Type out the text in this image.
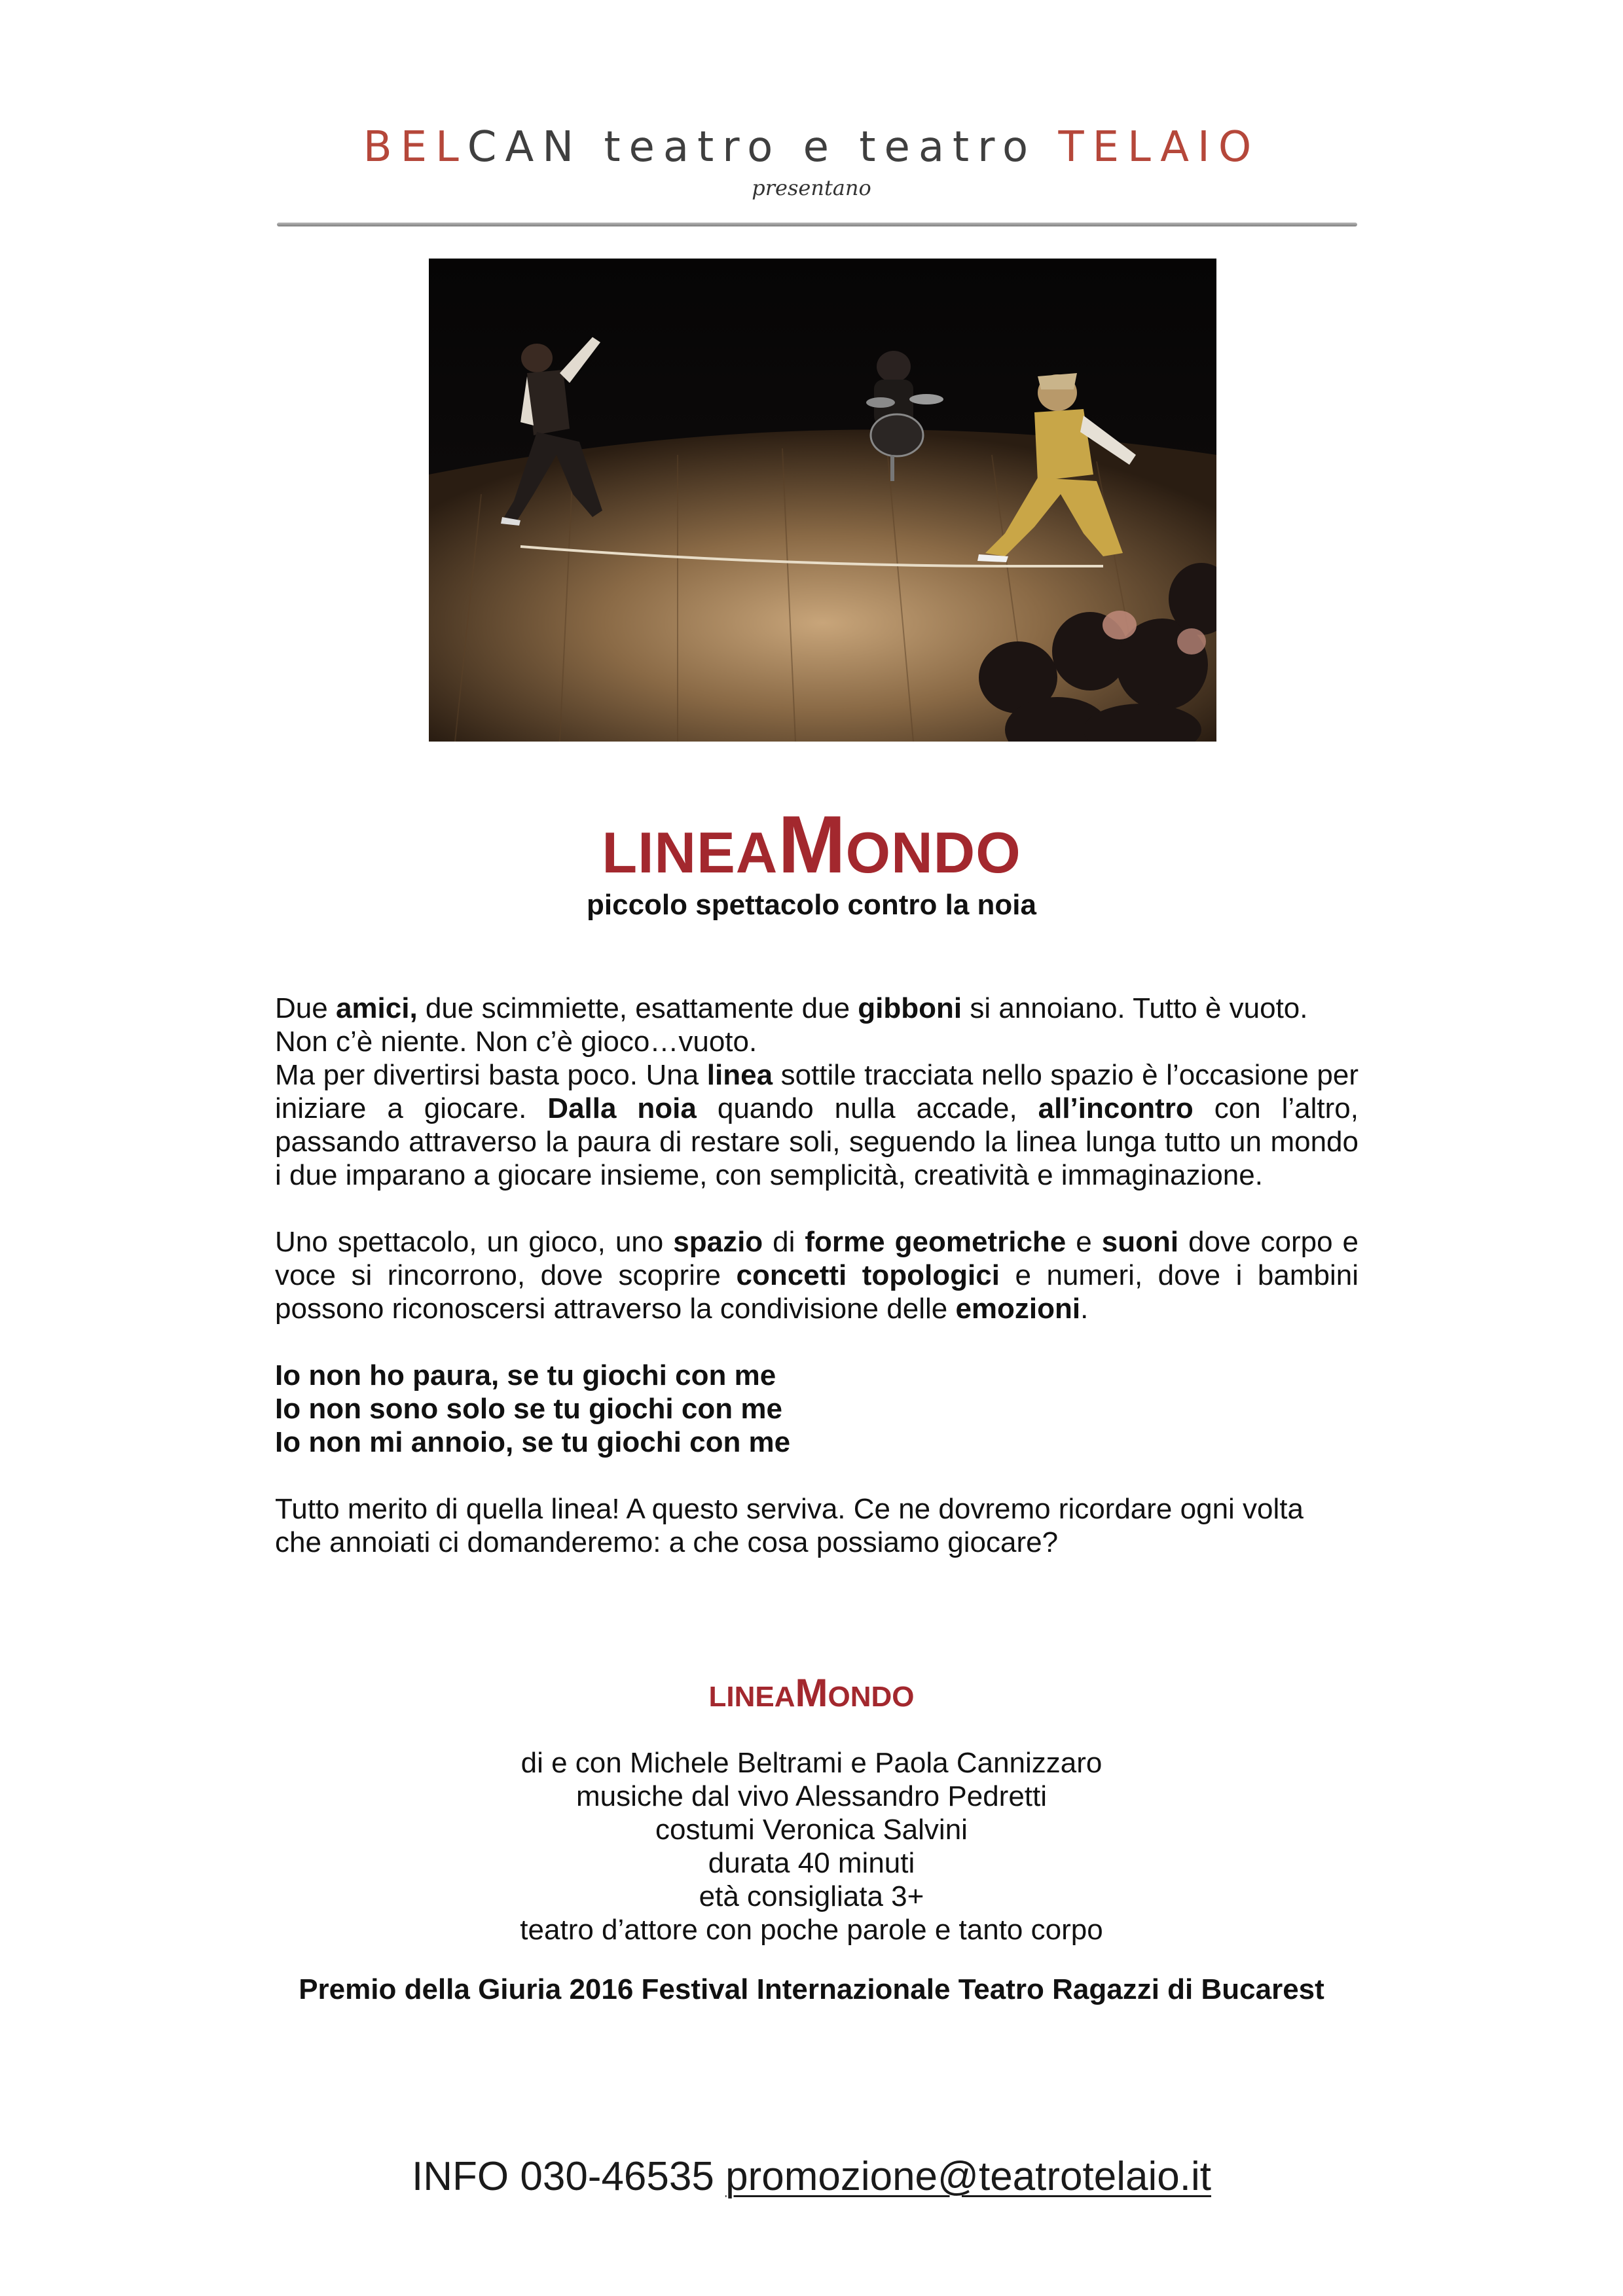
BELCAN teatro e teatro TELAIO
presentano
LINEAMONDO
piccolo spettacolo contro la noia

Due amici, due scimmiette, esattamente due gibboni si annoiano. Tutto è vuoto.

Non c’è niente. Non c’è gioco…vuoto.

Ma per divertirsi basta poco. Una linea sottile tracciata nello spazio è l’occasione per iniziare a giocare. Dalla noia quando nulla accade, all’incontro con l’altro, passando attraverso la paura di restare soli, seguendo la linea lunga tutto un mondo i due imparano a giocare insieme, con semplicità, creatività e immaginazione.

Uno spettacolo, un gioco, uno spazio di forme geometriche e suoni dove corpo e voce si rincorrono, dove scoprire concetti topologici e numeri, dove i bambini possono riconoscersi attraverso la condivisione delle emozioni.

Io non ho paura, se tu giochi con me
Io non sono solo se tu giochi con me
Io non mi annoio, se tu giochi con me

Tutto merito di quella linea! A questo serviva. Ce ne dovremo ricordare ogni volta

che annoiati ci domanderemo: a che cosa possiamo giocare?

LINEAMONDO
di e con Michele Beltrami e Paola Cannizzaro
musiche dal vivo Alessandro Pedretti
costumi Veronica Salvini
durata 40 minuti
età consigliata 3+
teatro d’attore con poche parole e tanto corpo
Premio della Giuria 2016 Festival Internazionale Teatro Ragazzi di Bucarest
INFO 030-46535 promozione@teatrotelaio.it
